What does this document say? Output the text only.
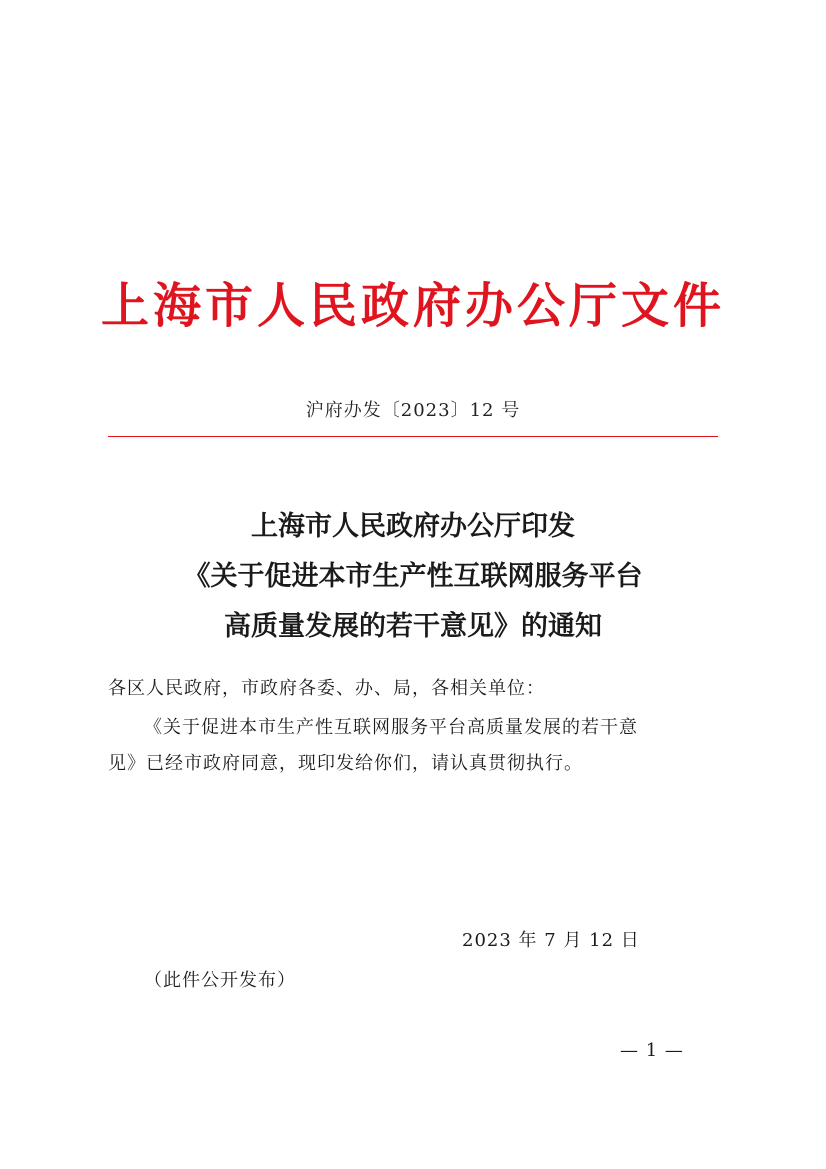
上海市人民政府办公厅文件
沪府办发〔2023〕12 号
上海市人民政府办公厅印发
《关于促进本市生产性互联网服务平台
高质量发展的若干意见》的通知
各区人民政府，市政府各委、办、局，各相关单位：
《关于促进本市生产性互联网服务平台高质量发展的若干意
见》已经市政府同意，现印发给你们，请认真贯彻执行。
2023 年 7 月 12 日
（此件公开发布）
— 1 —
